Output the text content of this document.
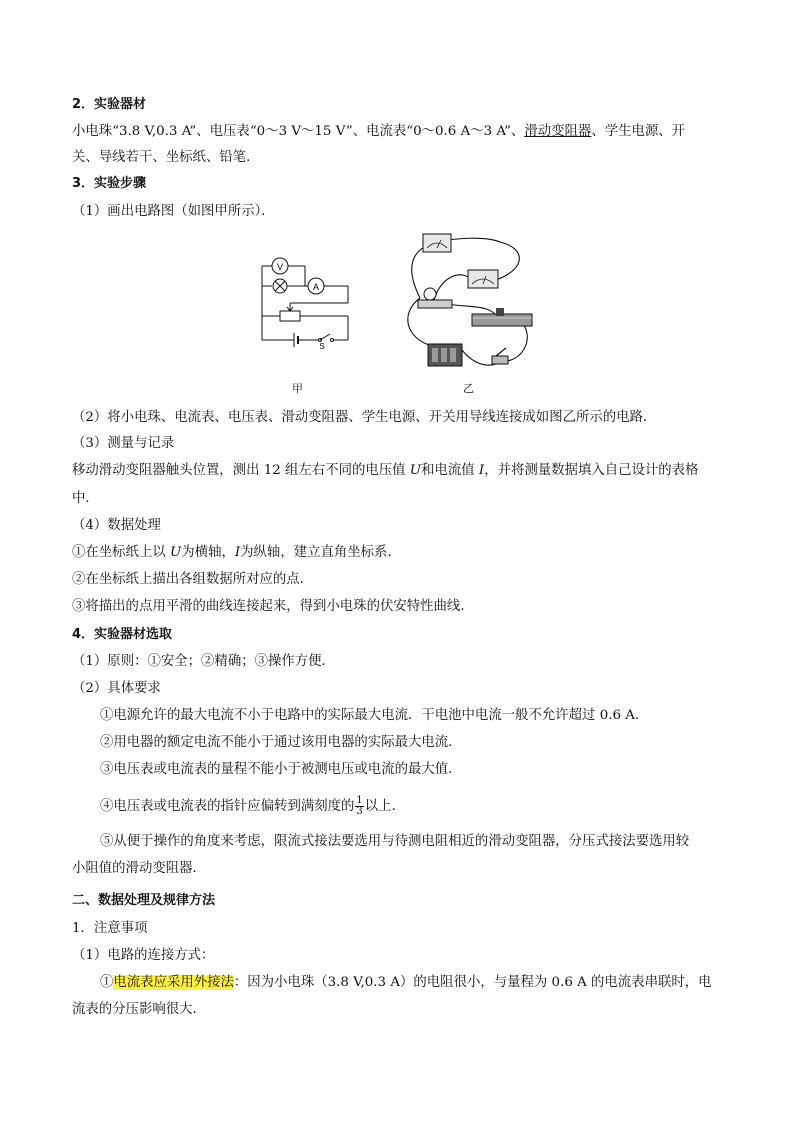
2．实验器材
小电珠“3.8 V,0.3 A”、电压表“0～3 V～15 V”、电流表“0～0.6 A～3 A”、滑动变阻器、学生电源、开
关、导线若干、坐标纸、铅笔．
3．实验步骤
（1）画出电路图（如图甲所示）．
V
A
S
甲	乙
（2）将小电珠、电流表、电压表、滑动变阻器、学生电源、开关用导线连接成如图乙所示的电路．
（3）测量与记录
移动滑动变阻器触头位置，测出 12 组左右不同的电压值 U和电流值 I，并将测量数据填入自己设计的表格
中．
（4）数据处理
①在坐标纸上以 U为横轴，I为纵轴，建立直角坐标系．
②在坐标纸上描出各组数据所对应的点．
③将描出的点用平滑的曲线连接起来，得到小电珠的伏安特性曲线．
4．实验器材选取
（1）原则：①安全；②精确；③操作方便．
（2）具体要求
①电源允许的最大电流不小于电路中的实际最大电流．干电池中电流一般不允许超过 0.6 A.
②用电器的额定电流不能小于通过该用电器的实际最大电流．
③电压表或电流表的量程不能小于被测电压或电流的最大值．
④电压表或电流表的指针应偏转到满刻度的 $\frac{1}{3}$ 以上．
⑤从便于操作的角度来考虑，限流式接法要选用与待测电阻相近的滑动变阻器，分压式接法要选用较
小阻值的滑动变阻器．
二、数据处理及规律方法
1．注意事项
（1）电路的连接方式：
①电流表应采用外接法：因为小电珠（3.8 V,0.3 A）的电阻很小，与量程为 0.6 A 的电流表串联时，电
流表的分压影响很大．
